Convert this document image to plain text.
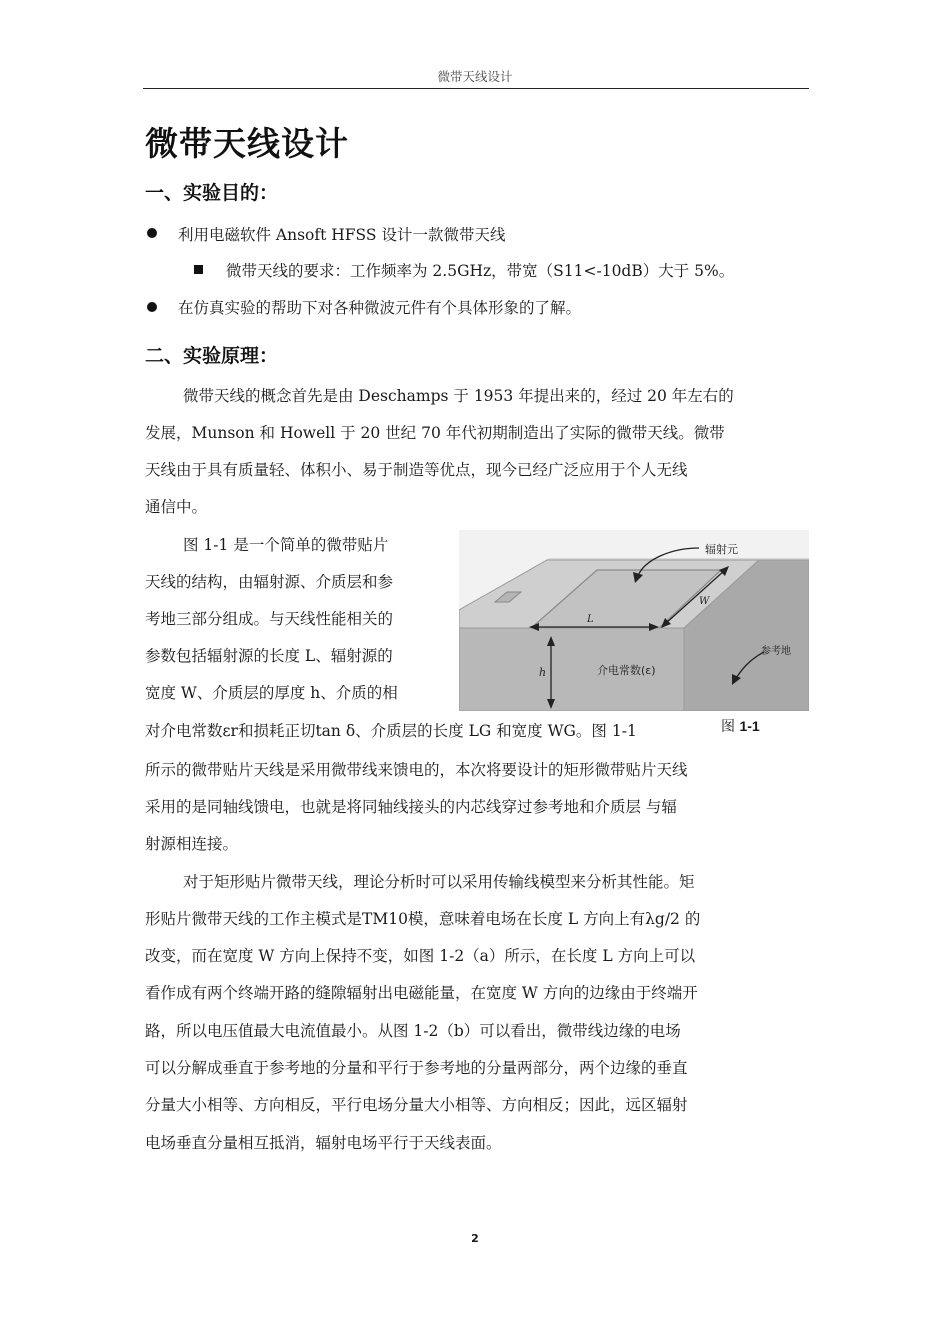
微带天线设计
微带天线设计
一、实验目的：
利用电磁软件 Ansoft HFSS 设计一款微带天线
微带天线的要求：工作频率为 2.5GHz，带宽（S11<-10dB）大于 5%。
在仿真实验的帮助下对各种微波元件有个具体形象的了解。
二、实验原理：
微带天线的概念首先是由 Deschamps 于 1953 年提出来的，经过 20 年左右的
发展，Munson 和 Howell 于 20 世纪 70 年代初期制造出了实际的微带天线。微带
天线由于具有质量轻、体积小、易于制造等优点，现今已经广泛应用于个人无线
通信中。
图 1-1 是一个简单的微带贴片
天线的结构，由辐射源、介质层和参
考地三部分组成。与天线性能相关的
参数包括辐射源的长度 L、辐射源的
宽度 W、介质层的厚度 h、介质的相
对介电常数εr和损耗正切tan δ、介质层的长度 LG 和宽度 WG。图 1-1
所示的微带贴片天线是采用微带线来馈电的，本次将要设计的矩形微带贴片天线
采用的是同轴线馈电，也就是将同轴线接头的内芯线穿过参考地和介质层 与辐
射源相连接。
对于矩形贴片微带天线，理论分析时可以采用传输线模型来分析其性能。矩
形贴片微带天线的工作主模式是TM10模，意味着电场在长度 L 方向上有λg/2 的
改变，而在宽度 W 方向上保持不变，如图 1-2（a）所示，在长度 L 方向上可以
看作成有两个终端开路的缝隙辐射出电磁能量，在宽度 W 方向的边缘由于终端开
路，所以电压值最大电流值最小。从图 1-2（b）可以看出，微带线边缘的电场
可以分解成垂直于参考地的分量和平行于参考地的分量两部分，两个边缘的垂直
分量大小相等、方向相反，平行电场分量大小相等、方向相反；因此，远区辐射
电场垂直分量相互抵消，辐射电场平行于天线表面。
辐射元
参考地
介电常数(ε)
L
W
h
图 1-1
2
